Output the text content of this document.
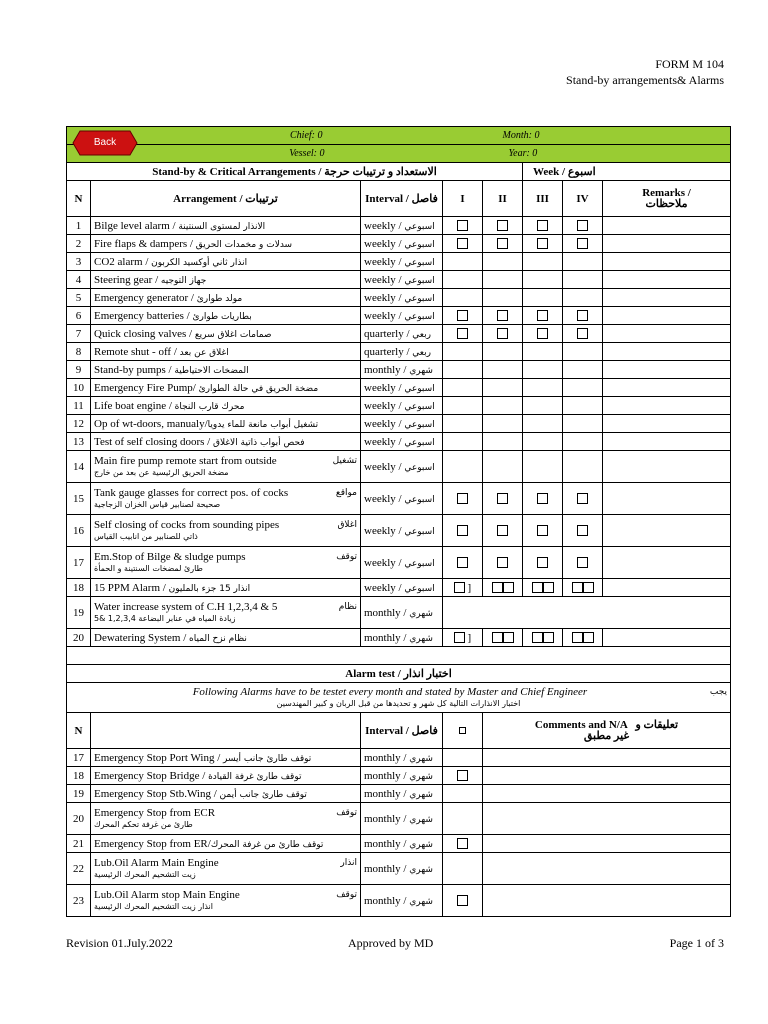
FORM M 104
Stand-by arrangements& Alarms
Chief: 0			Month: 0				
Vessel: 0			Year: 0				
Stand-by & Critical Arrangements / الاستعداد و ترتيبات حرجة					Week / اسبوع		
N	Arrangement / ترتيبات	Interval / فاصل	I	II	III	IV	Remarks /
ملاحظات

1	Bilge level alarm / الانذار لمستوى السنتينة	weekly / اسبوعي					
2	Fire flaps & dampers / سدلات و مخمدات الحريق	weekly / اسبوعي					
3	CO2 alarm / انذار ثاني أوكسيد الكربون	weekly / اسبوعي					
4	Steering gear / جهاز التوجيه	weekly / اسبوعي					
5	Emergency generator / مولد طوارئ	weekly / اسبوعي					
6	Emergency batteries / بطاريات طوارئ	weekly / اسبوعي					
7	Quick closing valves / صمامات اغلاق سريع	quarterly / ربعي					
8	Remote shut - off / اغلاق عن بعد	quarterly / ربعي					
9	Stand-by pumps / المضخات الاحتياطية	monthly / شهري					
10	Emergency Fire Pump/ مضخة الحريق في حالة الطوارئ	weekly / اسبوعي					
11	Life boat engine / محرك قارب النجاة	weekly / اسبوعي					
12	Op of wt-doors, manualy/تشغيل أبواب مانعة للماء يدويا	weekly / اسبوعي					
13	Test of self closing doors / فحص أبواب ذاتية الاغلاق	weekly / اسبوعي					
14	Main fire pump remote start from outside تشغيل
مضخة الحريق الرئيسية عن بعد من خارج	weekly / اسبوعي					
15	Tank gauge glasses for correct pos. of cocks مواقع
صحيحة لصنابير قياس الخزان الزجاجية	weekly / اسبوعي					
16	Self closing of cocks from sounding pipes اغلاق
ذاتي للصنابير من انابيب القياس	weekly / اسبوعي					
17	Em.Stop of Bilge & sludge pumps توقف
طارئ لمضخات السنتينة و الحمأة	weekly / اسبوعي					
18	15 PPM Alarm / انذار 15 جزء بالمليون	weekly / اسبوعي	]				
19	Water increase system of C.H 1,2,3,4 & 5 نظام
زيادة المياه في عنابر البضاعة 1,2,3,4 &5	monthly / شهري					
20	Dewatering System / نظام نزح المياه	monthly / شهري	]				

Alarm test / اختبار انذار							

Following Alarms have to be testet every month and stated by Master and Chief Engineer يجب
اختبار الانذارات التالية كل شهر و تحديدها من قبل الربان و كبير المهندسين							

N		Interval / فاصل		Comments and N/A تعليقات و
غير مطبق			

17	Emergency Stop Port Wing / توقف طارئ جانب أيسر	monthly / شهري					
18	Emergency Stop Bridge / توقف طارئ غرفة القيادة	monthly / شهري					
19	Emergency Stop Stb.Wing / توقف طارئ جانب أيمن	monthly / شهري					
20	Emergency Stop from ECR توقف
طارئ من غرفة تحكم المحرك	monthly / شهري					
21	Emergency Stop from ER/توقف طارئ من غرفة المحرك	monthly / شهري					
22	Lub.Oil Alarm Main Engine انذار
زيت التشحيم المحرك الرئيسية	monthly / شهري					
23	Lub.Oil Alarm stop Main Engine توقف
انذار زيت التشحيم المحرك الرئيسية	monthly / شهري					
Back
Revision 01.July.2022	Approved by MD	Page 1 of 3
